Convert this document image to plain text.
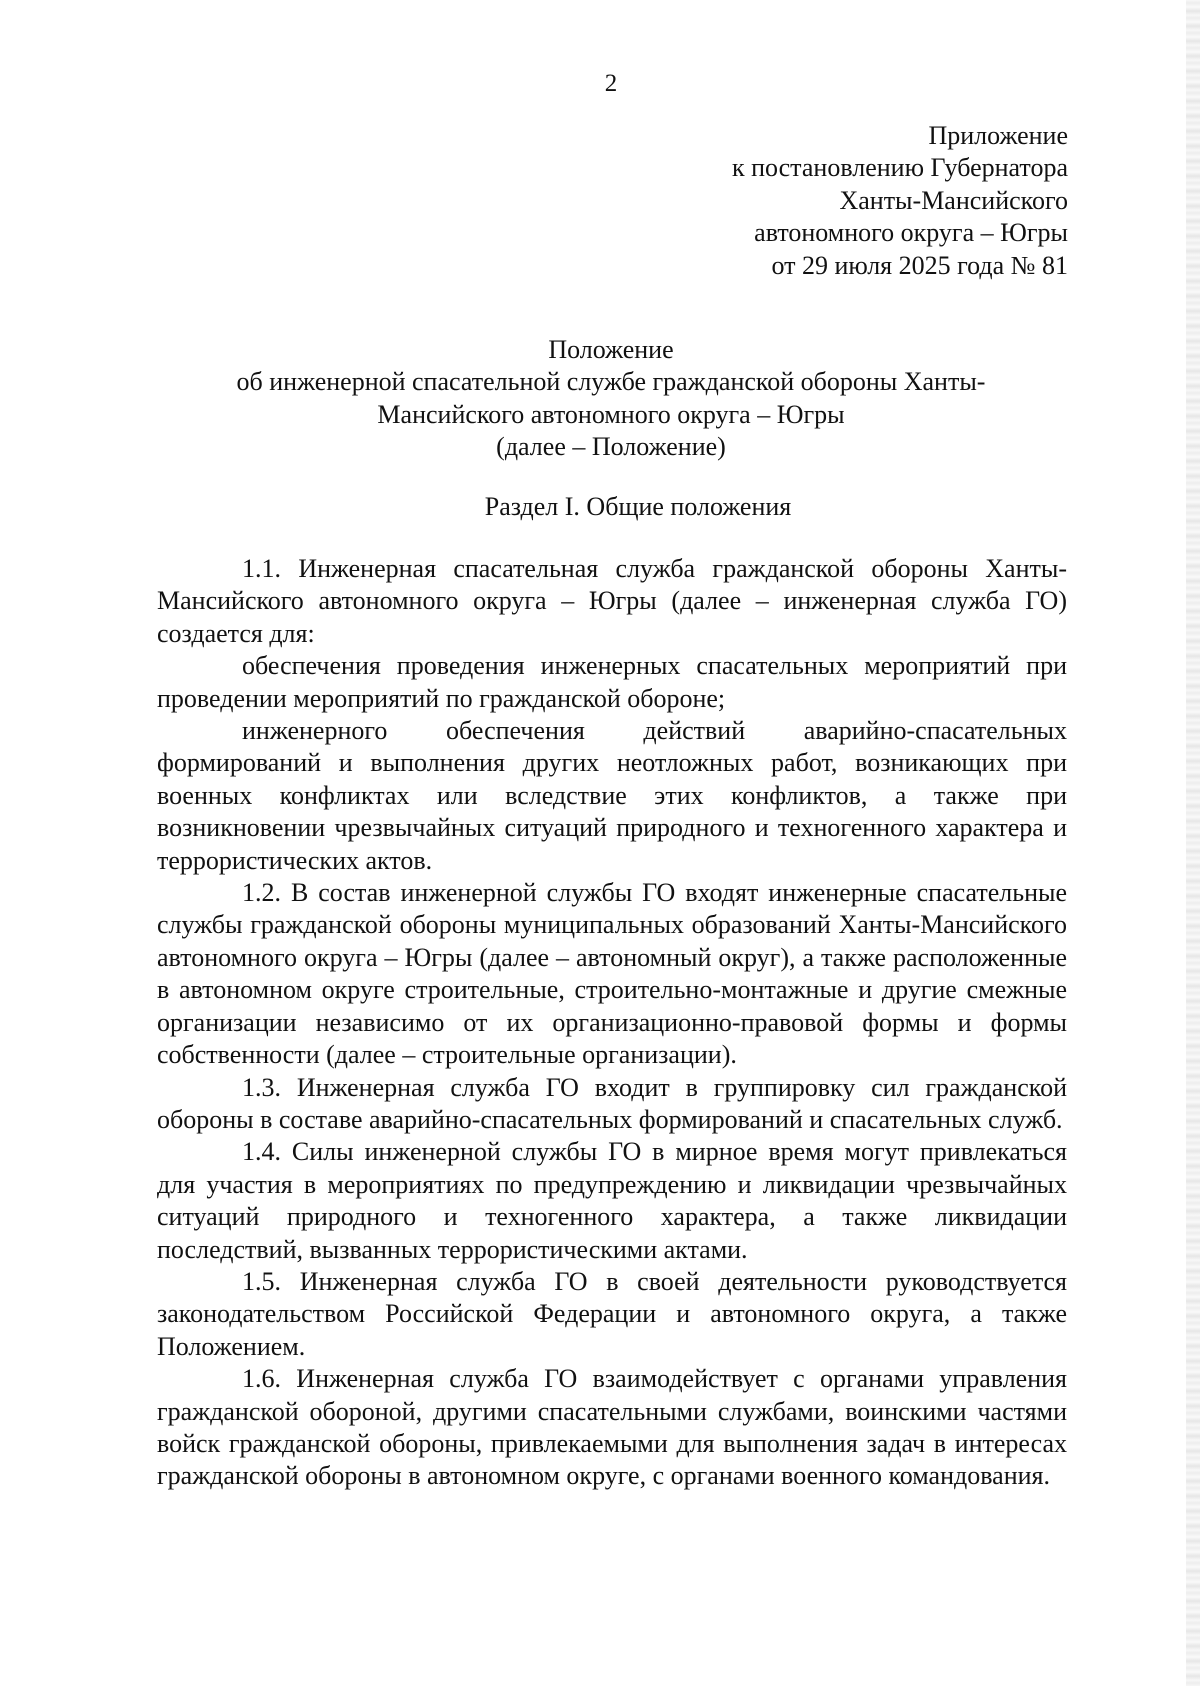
2
Приложение
к постановлению Губернатора
Ханты-Мансийского
автономного округа – Югры
от 29 июля 2025 года № 81
Положение
об инженерной спасательной службе гражданской обороны Ханты-
Мансийского автономного округа – Югры
(далее – Положение)
Раздел I. Общие положения

1.1. Инженерная спасательная служба гражданской обороны Ханты-Мансийского автономного округа – Югры (далее – инженерная служба ГО) создается для:

обеспечения проведения инженерных спасательных мероприятий при проведении мероприятий по гражданской обороне;

инженерного обеспечения действий аварийно-спасательных формирований и выполнения других неотложных работ, возникающих при военных конфликтах или вследствие этих конфликтов, а также при возникновении чрезвычайных ситуаций природного и техногенного характера и террористических актов.

1.2. В состав инженерной службы ГО входят инженерные спасательные службы гражданской обороны муниципальных образований Ханты-Мансийского автономного округа – Югры (далее – автономный округ), а также расположенные в автономном округе строительные, строительно-монтажные и другие смежные организации независимо от их организационно-правовой формы и формы собственности (далее – строительные организации).

1.3. Инженерная служба ГО входит в группировку сил гражданской обороны в составе аварийно-спасательных формирований и спасательных служб.

1.4. Силы инженерной службы ГО в мирное время могут привлекаться для участия в мероприятиях по предупреждению и ликвидации чрезвычайных ситуаций природного и техногенного характера, а также ликвидации последствий, вызванных террористическими актами.

1.5. Инженерная служба ГО в своей деятельности руководствуется законодательством Российской Федерации и автономного округа, а также Положением.

1.6. Инженерная служба ГО взаимодействует с органами управления гражданской обороной, другими спасательными службами, воинскими частями войск гражданской обороны, привлекаемыми для выполнения задач в интересах гражданской обороны в автономном округе, с органами военного командования.
